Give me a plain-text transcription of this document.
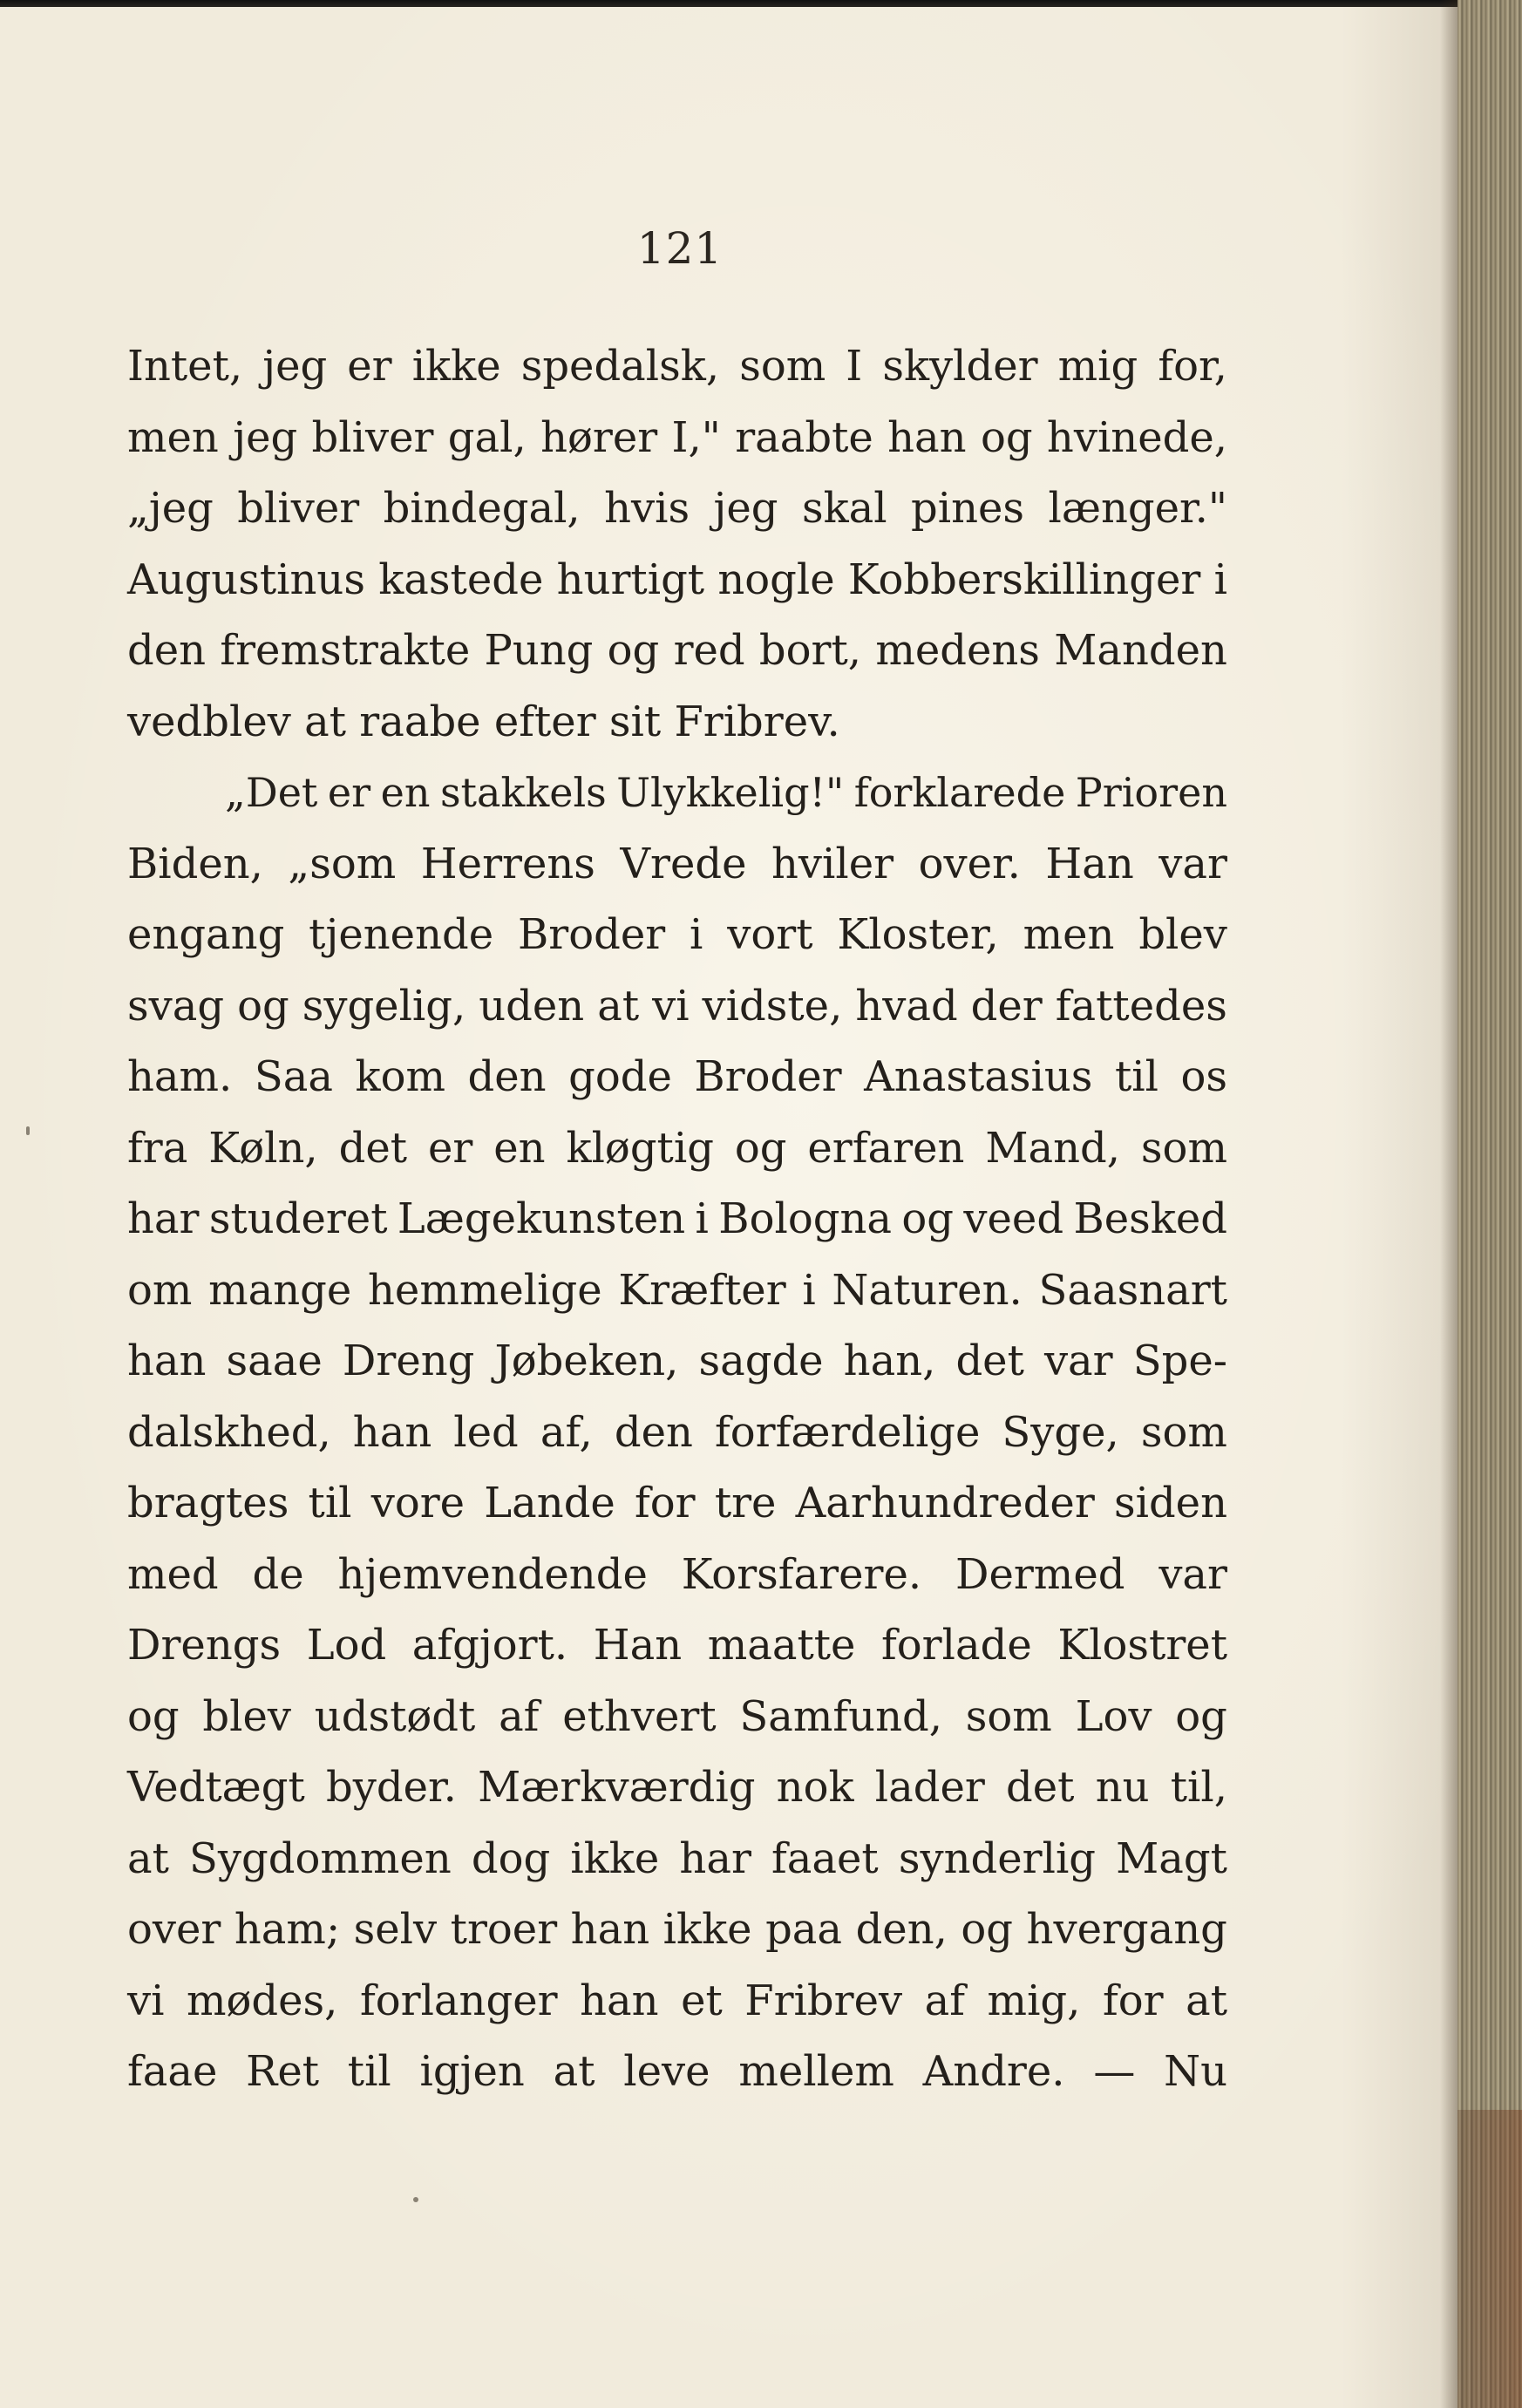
121
Intet, jeg er ikke spedalsk, som I skylder mig for,
men jeg bliver gal, hører I," raabte han og hvinede,
„jeg bliver bindegal, hvis jeg skal pines længer."
Augustinus kastede hurtigt nogle Kobberskillinger i
den fremstrakte Pung og red bort, medens Manden
vedblev at raabe efter sit Fribrev.
„Det er en stakkels Ulykkelig!" forklarede Prioren
Biden, „som Herrens Vrede hviler over. Han var
engang tjenende Broder i vort Kloster, men blev
svag og sygelig, uden at vi vidste, hvad der fattedes
ham. Saa kom den gode Broder Anastasius til os
fra Køln, det er en kløgtig og erfaren Mand, som
har studeret Lægekunsten i Bologna og veed Besked
om mange hemmelige Kræfter i Naturen. Saasnart
han saae Dreng Jøbeken, sagde han, det var Spe-
dalskhed, han led af, den forfærdelige Syge, som
bragtes til vore Lande for tre Aarhundreder siden
med de hjemvendende Korsfarere. Dermed var
Drengs Lod afgjort. Han maatte forlade Klostret
og blev udstødt af ethvert Samfund, som Lov og
Vedtægt byder. Mærkværdig nok lader det nu til,
at Sygdommen dog ikke har faaet synderlig Magt
over ham; selv troer han ikke paa den, og hvergang
vi mødes, forlanger han et Fribrev af mig, for at
faae Ret til igjen at leve mellem Andre. — Nu
